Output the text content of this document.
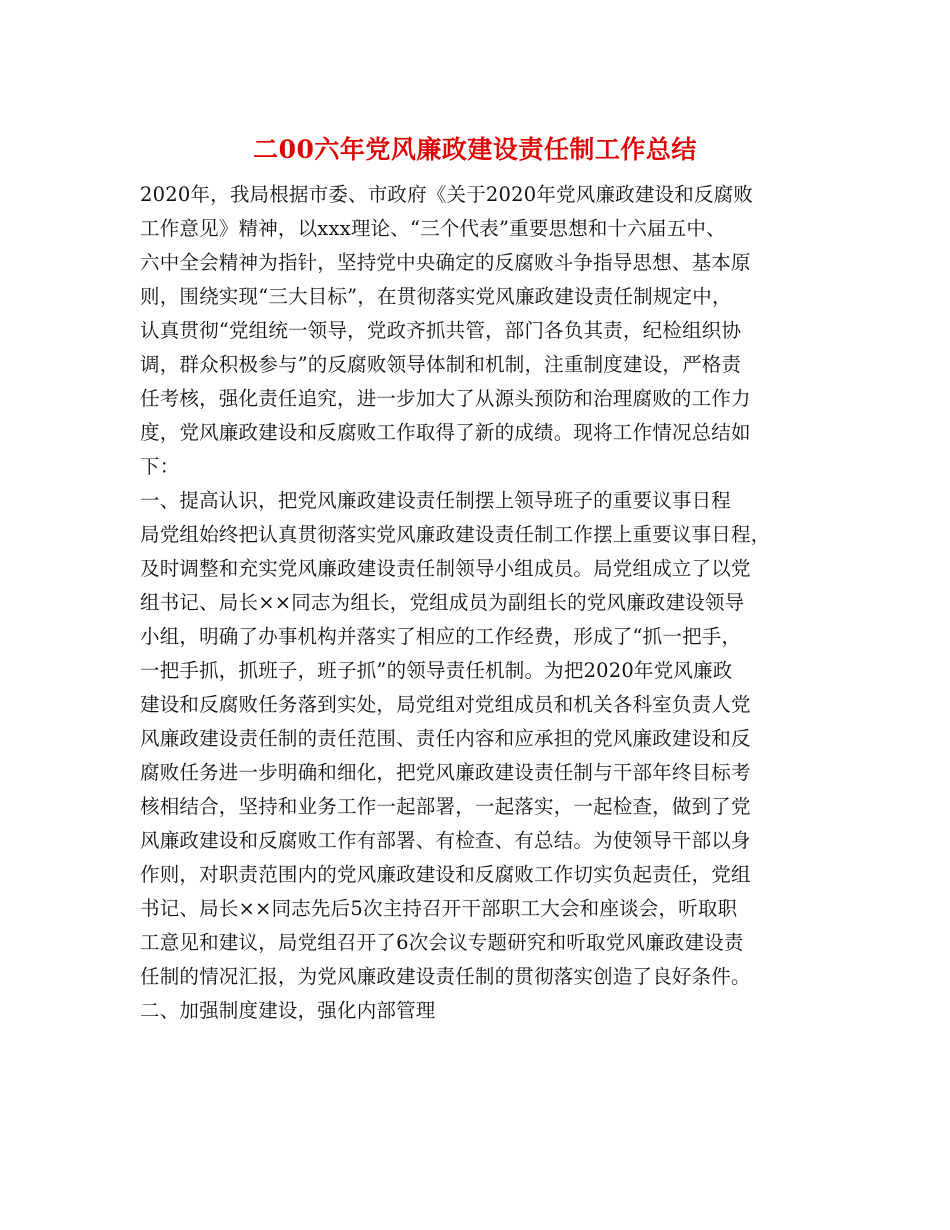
二00六年党风廉政建设责任制工作总结

2020年，我局根据市委、市政府《关于2020年党风廉政建设和反腐败

工作意见》精神，以xxx理论、“三个代表”重要思想和十六届五中、

六中全会精神为指针，坚持党中央确定的反腐败斗争指导思想、基本原

则，围绕实现“三大目标”，在贯彻落实党风廉政建设责任制规定中，

认真贯彻“党组统一领导，党政齐抓共管，部门各负其责，纪检组织协

调，群众积极参与”的反腐败领导体制和机制，注重制度建设，严格责

任考核，强化责任追究，进一步加大了从源头预防和治理腐败的工作力

度，党风廉政建设和反腐败工作取得了新的成绩。现将工作情况总结如

下：

一、提高认识，把党风廉政建设责任制摆上领导班子的重要议事日程

局党组始终把认真贯彻落实党风廉政建设责任制工作摆上重要议事日程，

及时调整和充实党风廉政建设责任制领导小组成员。局党组成立了以党

组书记、局长××同志为组长，党组成员为副组长的党风廉政建设领导

小组，明确了办事机构并落实了相应的工作经费，形成了“抓一把手，

一把手抓，抓班子，班子抓”的领导责任机制。为把2020年党风廉政

建设和反腐败任务落到实处，局党组对党组成员和机关各科室负责人党

风廉政建设责任制的责任范围、责任内容和应承担的党风廉政建设和反

腐败任务进一步明确和细化，把党风廉政建设责任制与干部年终目标考

核相结合，坚持和业务工作一起部署，一起落实，一起检查，做到了党

风廉政建设和反腐败工作有部署、有检查、有总结。为使领导干部以身

作则，对职责范围内的党风廉政建设和反腐败工作切实负起责任，党组

书记、局长××同志先后5次主持召开干部职工大会和座谈会，听取职

工意见和建议，局党组召开了6次会议专题研究和听取党风廉政建设责

任制的情况汇报，为党风廉政建设责任制的贯彻落实创造了良好条件。

二、加强制度建设，强化内部管理
